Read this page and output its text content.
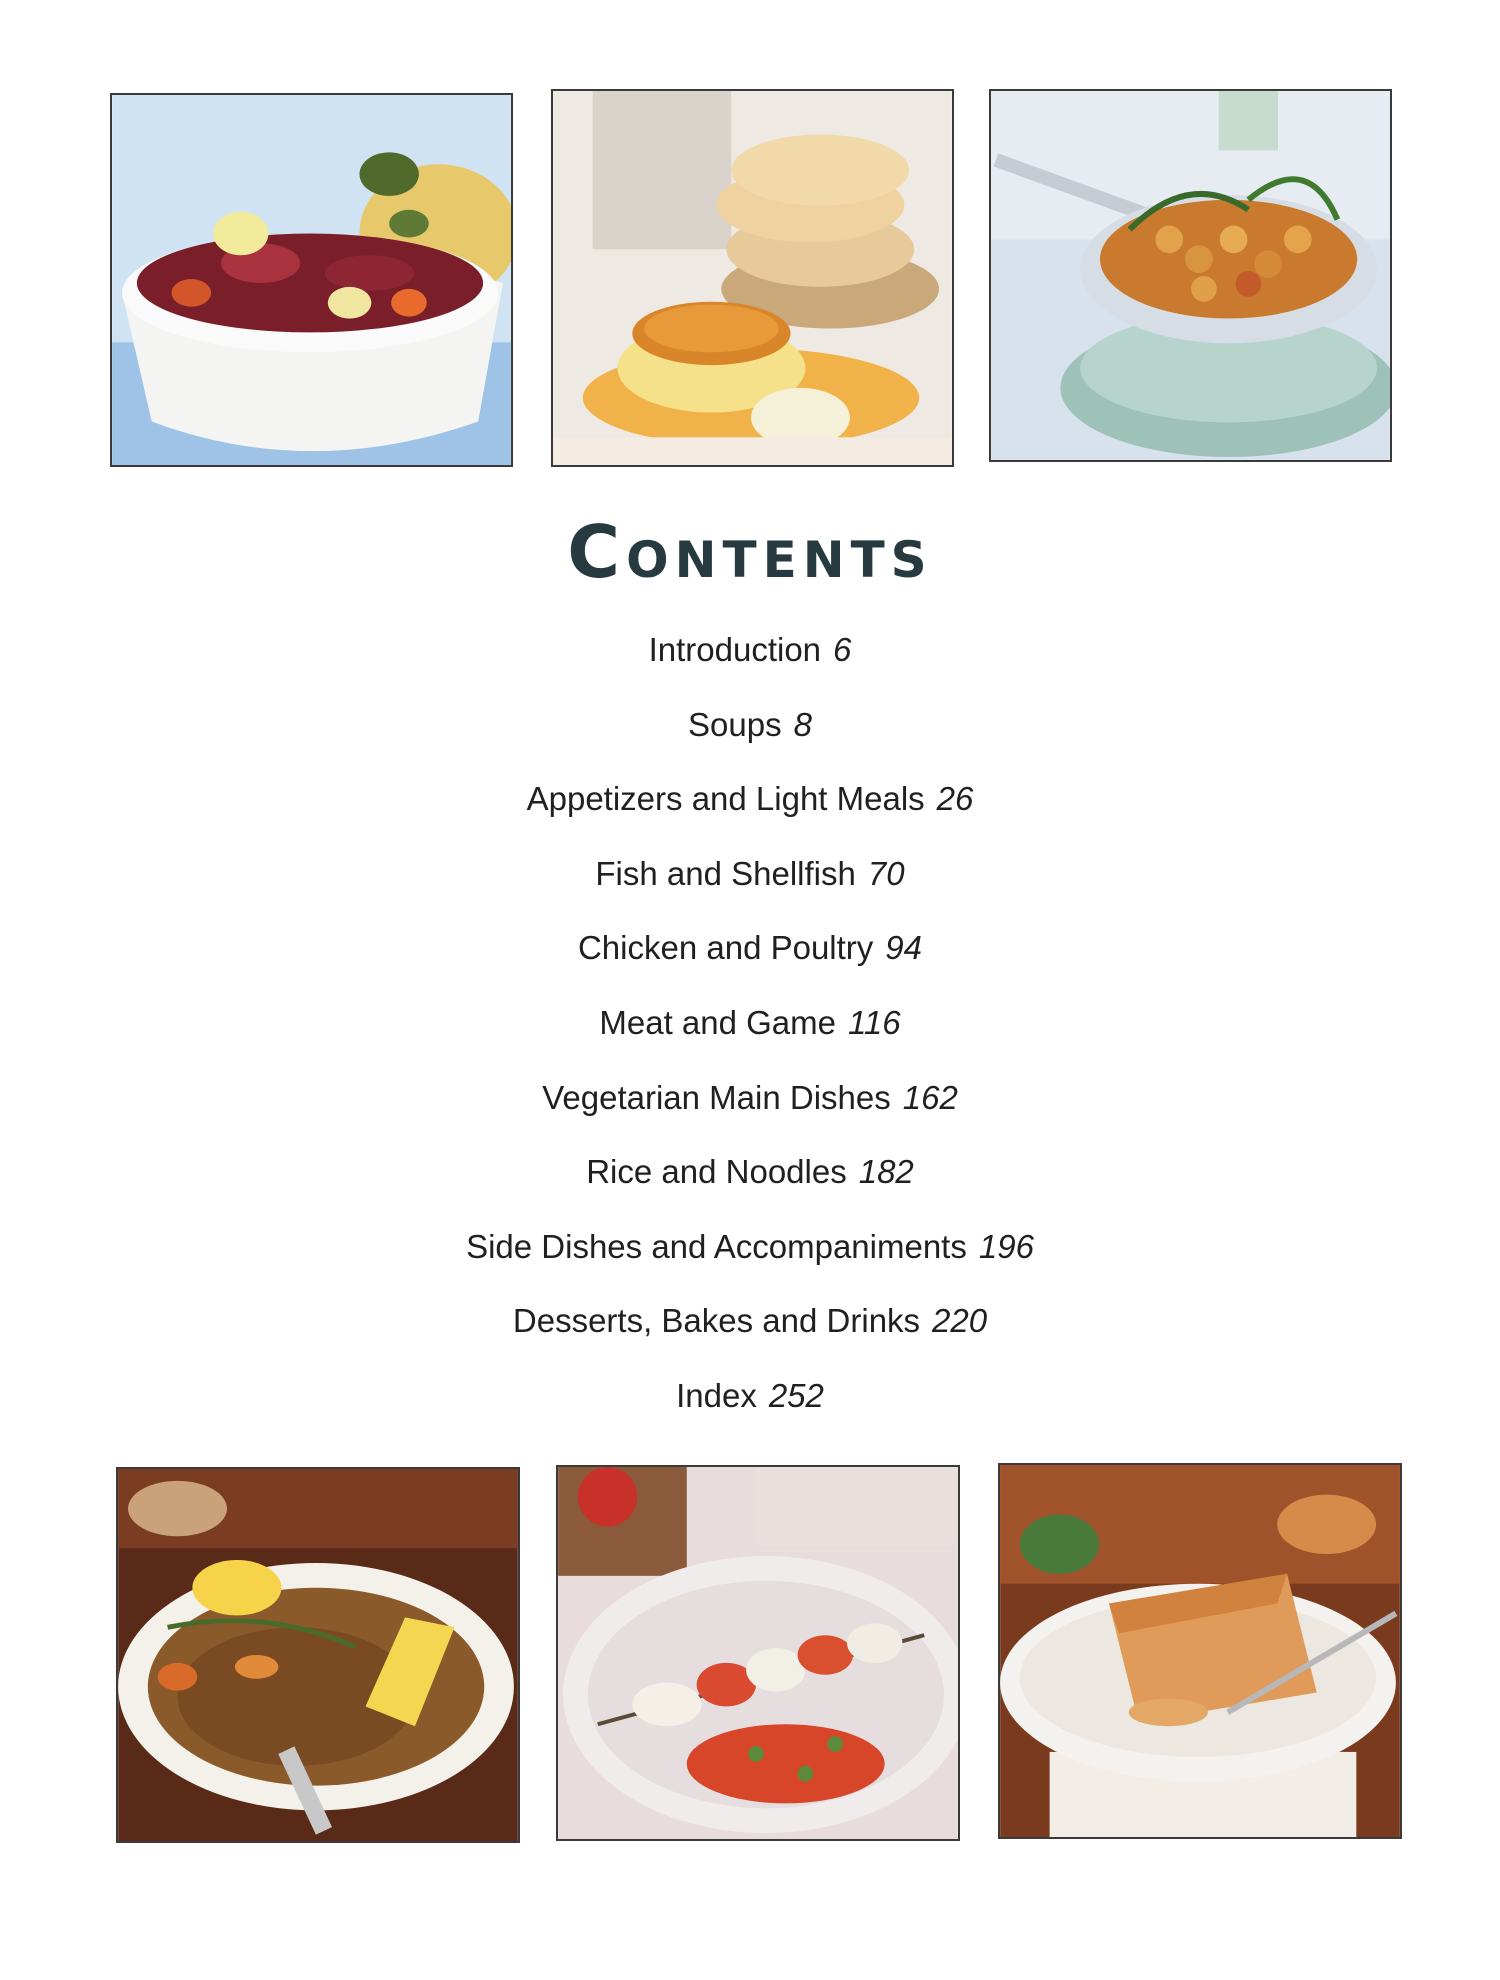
Contents
Introduction 6
Soups 8
Appetizers and Light Meals 26
Fish and Shellfish 70
Chicken and Poultry 94
Meat and Game 116
Vegetarian Main Dishes 162
Rice and Noodles 182
Side Dishes and Accompaniments 196
Desserts, Bakes and Drinks 220
Index 252
